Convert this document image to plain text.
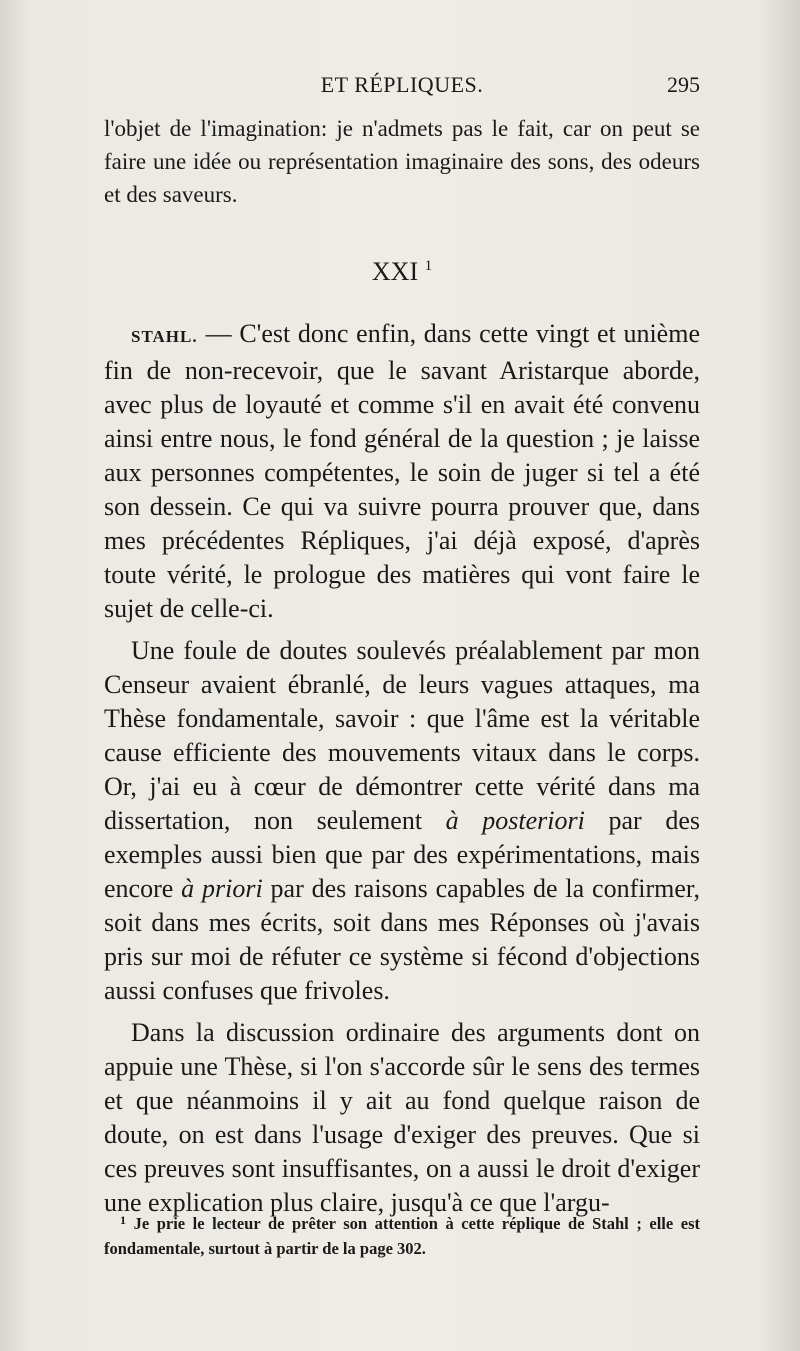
ET RÉPLIQUES.	295

l'objet de l'imagination: je n'admets pas le fait, car on peut se faire une idée ou représentation imaginaire des sons, des odeurs et des saveurs.

XXI $^1$

STAHL. — C'est donc enfin, dans cette vingt et unième fin de non-recevoir, que le savant Aristarque aborde, avec plus de loyauté et comme s'il en avait été convenu ainsi entre nous, le fond général de la question ; je laisse aux personnes compétentes, le soin de juger si tel a été son dessein. Ce qui va suivre pourra prouver que, dans mes précédentes Répliques, j'ai déjà exposé, d'après toute vérité, le prologue des matières qui vont faire le sujet de celle-ci.

Une foule de doutes soulevés préalablement par mon Censeur avaient ébranlé, de leurs vagues attaques, ma Thèse fondamentale, savoir : que l'âme est la véritable cause efficiente des mouvements vitaux dans le corps. Or, j'ai eu à cœur de démontrer cette vérité dans ma dissertation, non seulement à posteriori par des exemples aussi bien que par des expérimentations, mais encore à priori par des raisons capables de la confirmer, soit dans mes écrits, soit dans mes Réponses où j'avais pris sur moi de réfuter ce système si fécond d'objections aussi confuses que frivoles.

Dans la discussion ordinaire des arguments dont on appuie une Thèse, si l'on s'accorde sûr le sens des termes et que néanmoins il y ait au fond quelque raison de doute, on est dans l'usage d'exiger des preuves. Que si ces preuves sont insuffisantes, on a aussi le droit d'exiger une explication plus claire, jusqu'à ce que l'argu-

$^1$ Je prie le lecteur de prêter son attention à cette réplique de Stahl ; elle est fondamentale, surtout à partir de la page 302.
